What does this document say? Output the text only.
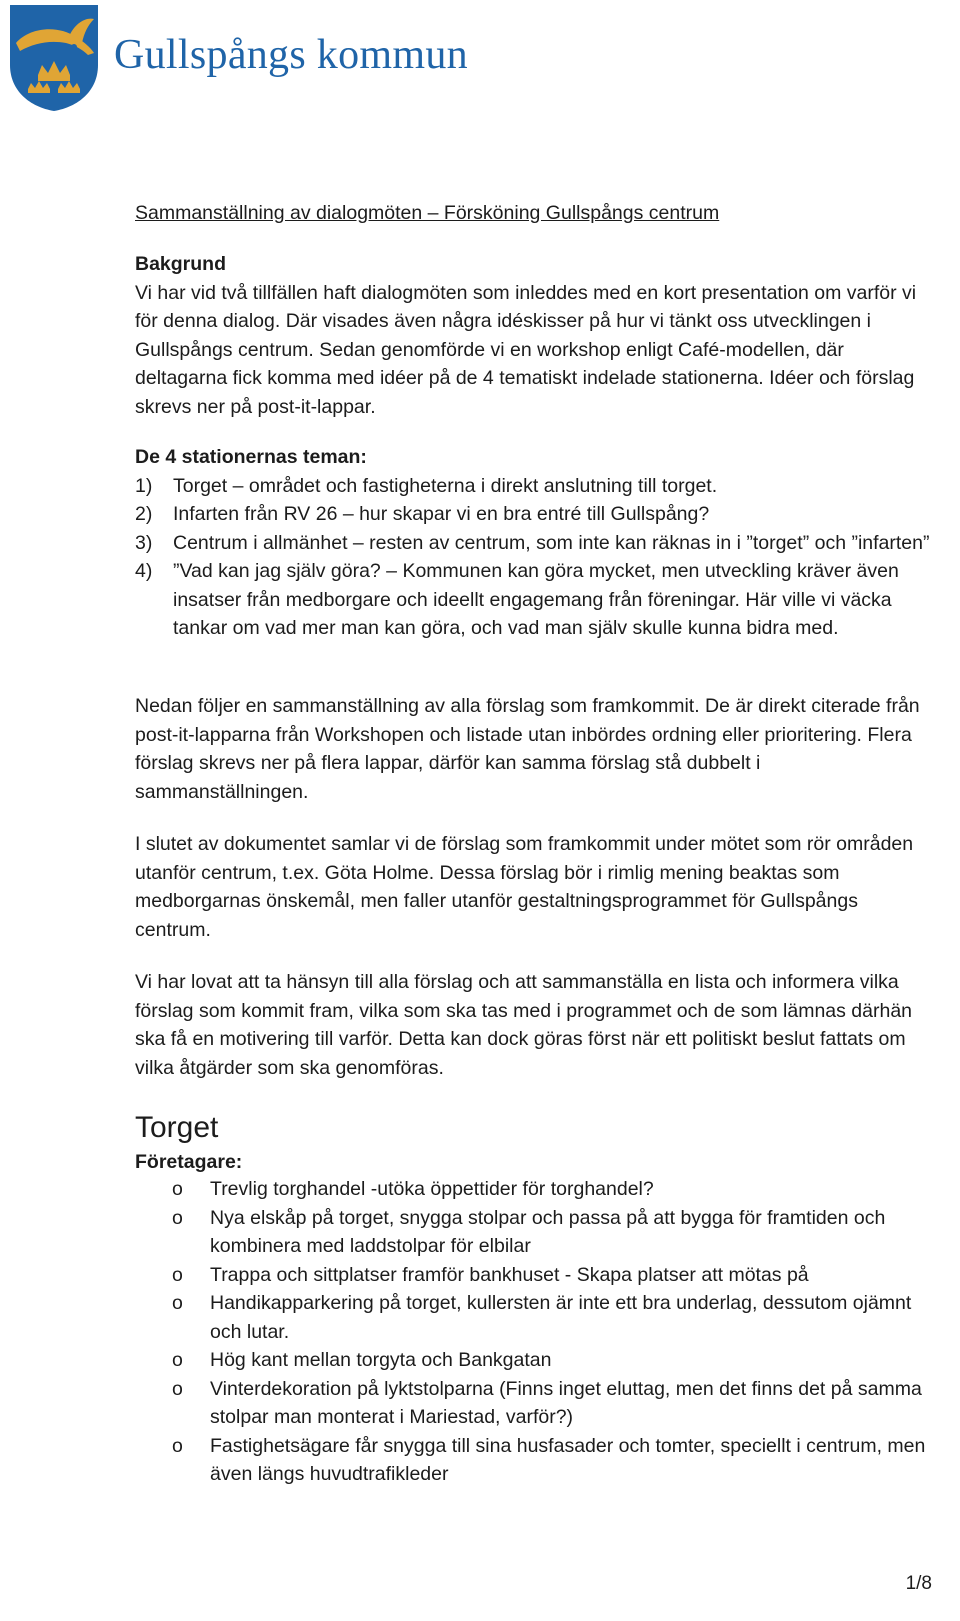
Gullspångs kommun
Sammanställning av dialogmöten – Försköning Gullspångs centrum
Bakgrund

Vi har vid två tillfällen haft dialogmöten som inleddes med en kort presentation om varför vi för denna dialog. Där visades även några idéskisser på hur vi tänkt oss utvecklingen i Gullspångs centrum. Sedan genomförde vi en workshop enligt Café-modellen, där deltagarna fick komma med idéer på de 4 tematiskt indelade stationerna. Idéer och förslag skrevs ner på post-it-lappar.

De 4 stationernas teman:
1) Torget – området och fastigheterna i direkt anslutning till torget.
2) Infarten från RV 26 – hur skapar vi en bra entré till Gullspång?
3) Centrum i allmänhet – resten av centrum, som inte kan räknas in i ”torget” och ”infarten”
4) ”Vad kan jag själv göra? – Kommunen kan göra mycket, men utveckling kräver även insatser från medborgare och ideellt engagemang från föreningar. Här ville vi väcka tankar om vad mer man kan göra, och vad man själv skulle kunna bidra med.

Nedan följer en sammanställning av alla förslag som framkommit. De är direkt citerade från post-it-lapparna från Workshopen och listade utan inbördes ordning eller prioritering. Flera förslag skrevs ner på flera lappar, därför kan samma förslag stå dubbelt i sammanställningen.

I slutet av dokumentet samlar vi de förslag som framkommit under mötet som rör områden utanför centrum, t.ex. Göta Holme. Dessa förslag bör i rimlig mening beaktas som medborgarnas önskemål, men faller utanför gestaltningsprogrammet för Gullspångs centrum.

Vi har lovat att ta hänsyn till alla förslag och att sammanställa en lista och informera vilka förslag som kommit fram, vilka som ska tas med i programmet och de som lämnas därhän ska få en motivering till varför. Detta kan dock göras först när ett politiskt beslut fattats om vilka åtgärder som ska genomföras.

Torget
Företagare:
o Trevlig torghandel -utöka öppettider för torghandel?
o Nya elskåp på torget, snygga stolpar och passa på att bygga för framtiden och kombinera med laddstolpar för elbilar
o Trappa och sittplatser framför bankhuset - Skapa platser att mötas på
o Handikapparkering på torget, kullersten är inte ett bra underlag, dessutom ojämnt och lutar.
o Hög kant mellan torgyta och Bankgatan
o Vinterdekoration på lyktstolparna (Finns inget eluttag, men det finns det på samma stolpar man monterat i Mariestad, varför?)
o Fastighetsägare får snygga till sina husfasader och tomter, speciellt i centrum, men även längs huvudtrafikleder
1/8
